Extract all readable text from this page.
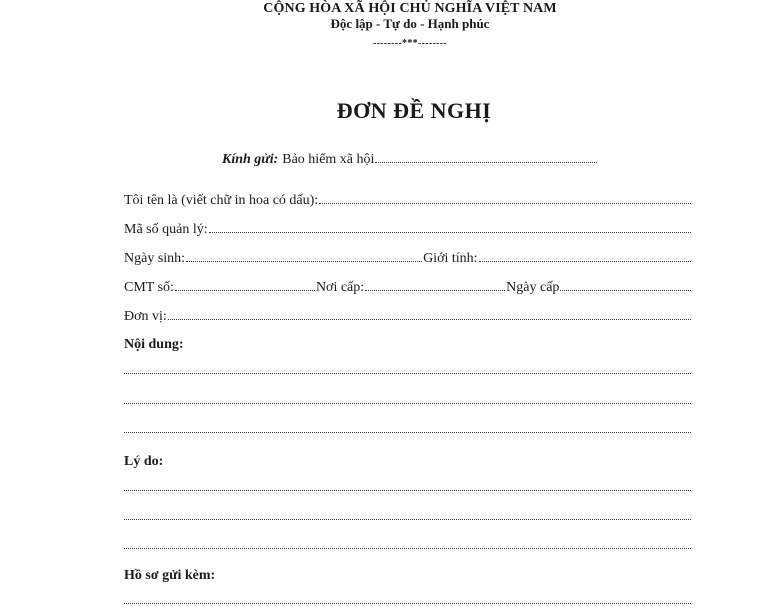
CỘNG HÒA XÃ HỘI CHỦ NGHĨA VIỆT NAM
Độc lập - Tự do - Hạnh phúc
--------***--------
ĐƠN ĐỀ NGHỊ
Kính gửi: Bảo hiểm xã hội
Tôi tên là (viết chữ in hoa có dấu):
Mã số quản lý:
Ngày sinh:	Giới tính:
CMT số:	Nơi cấp:	Ngày cấp
Đơn vị:
Nội dung:
Lý do:
Hồ sơ gửi kèm:
